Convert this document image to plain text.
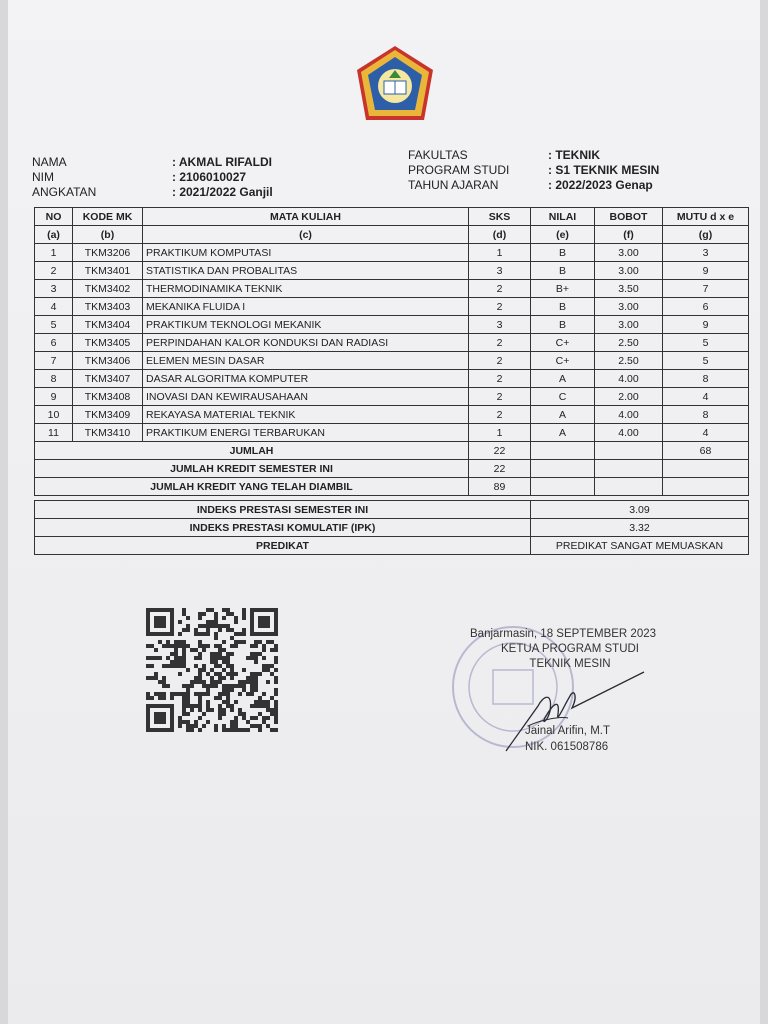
NAMA	: AKMAL RIFALDI
NIM	: 2106010027
ANGKATAN	: 2021/2022 Ganjil
FAKULTAS	: TEKNIK
PROGRAM STUDI	: S1 TEKNIK MESIN
TAHUN AJARAN	: 2022/2023 Genap
NO	KODE MK	MATA KULIAH	SKS	NILAI	BOBOT	MUTU d x e
(a)	(b)	(c)	(d)	(e)	(f)	(g)
1	TKM3206	PRAKTIKUM KOMPUTASI	1	B	3.00	3
2	TKM3401	STATISTIKA DAN PROBALITAS	3	B	3.00	9
3	TKM3402	THERMODINAMIKA TEKNIK	2	B+	3.50	7
4	TKM3403	MEKANIKA FLUIDA I	2	B	3.00	6
5	TKM3404	PRAKTIKUM TEKNOLOGI MEKANIK	3	B	3.00	9
6	TKM3405	PERPINDAHAN KALOR KONDUKSI DAN RADIASI	2	C+	2.50	5
7	TKM3406	ELEMEN MESIN DASAR	2	C+	2.50	5
8	TKM3407	DASAR ALGORITMA KOMPUTER	2	A	4.00	8
9	TKM3408	INOVASI DAN KEWIRAUSAHAAN	2	C	2.00	4
10	TKM3409	REKAYASA MATERIAL TEKNIK	2	A	4.00	8
11	TKM3410	PRAKTIKUM ENERGI TERBARUKAN	1	A	4.00	4
JUMLAH			22			68
JUMLAH KREDIT SEMESTER INI			22			
JUMLAH KREDIT YANG TELAH DIAMBIL			89			

INDEKS PRESTASI SEMESTER INI				3.09		
INDEKS PRESTASI KOMULATIF (IPK)				3.32		
PREDIKAT				PREDIKAT SANGAT MEMUASKAN		
Banjarmasin, 18 SEPTEMBER 2023
KETUA PROGRAM STUDI
TEKNIK MESIN
Jainal Arifin, M.T
NIK. 061508786
